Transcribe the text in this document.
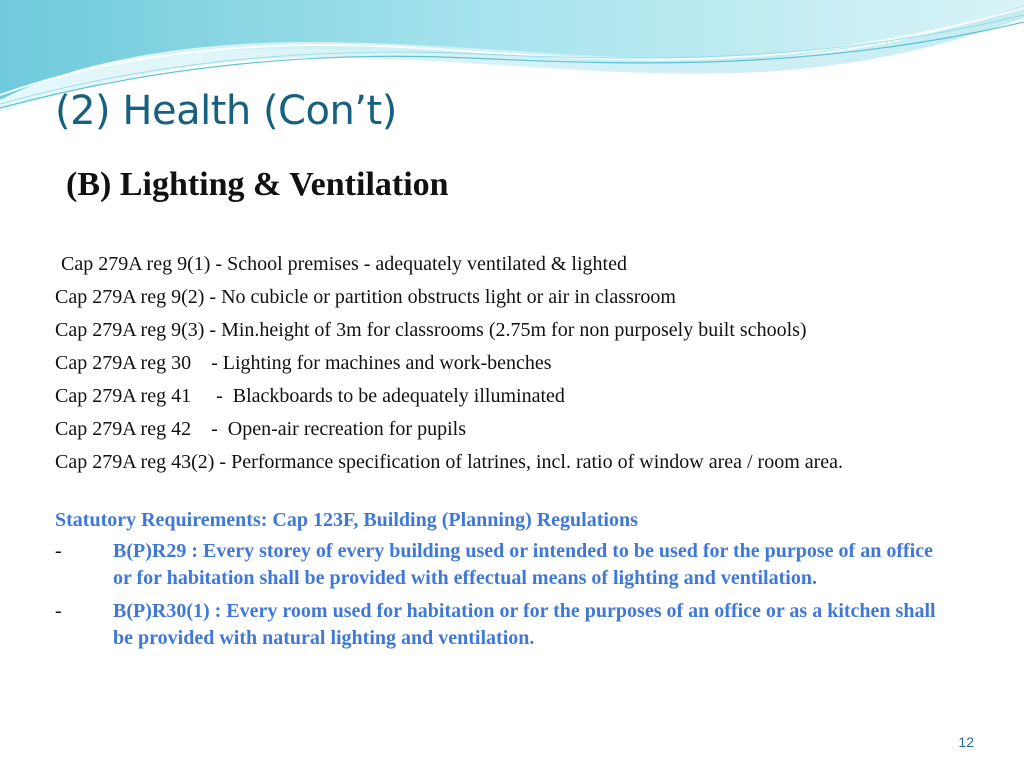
(2) Health (Con’t)
(B) Lighting & Ventilation

Cap 279A reg 9(1) - School premises - adequately ventilated & lighted

Cap 279A reg 9(2) - No cubicle or partition obstructs light or air in classroom

Cap 279A reg 9(3) - Min.height of 3m for classrooms (2.75m for non purposely built schools)

Cap 279A reg 30    - Lighting for machines and work-benches

Cap 279A reg 41     -  Blackboards to be adequately illuminated

Cap 279A reg 42    -  Open-air recreation for pupils

Cap 279A reg 43(2) - Performance specification of latrines, incl. ratio of window area / room area.

Statutory Requirements: Cap 123F, Building (Planning) Regulations

-	B(P)R29 : Every storey of every building used or intended to be used for the purpose of an office or for habitation shall be provided with effectual means of lighting and ventilation.
-	B(P)R30(1) : Every room used for habitation or for the purposes of an office or as a kitchen shall be provided with natural lighting and ventilation.
12
